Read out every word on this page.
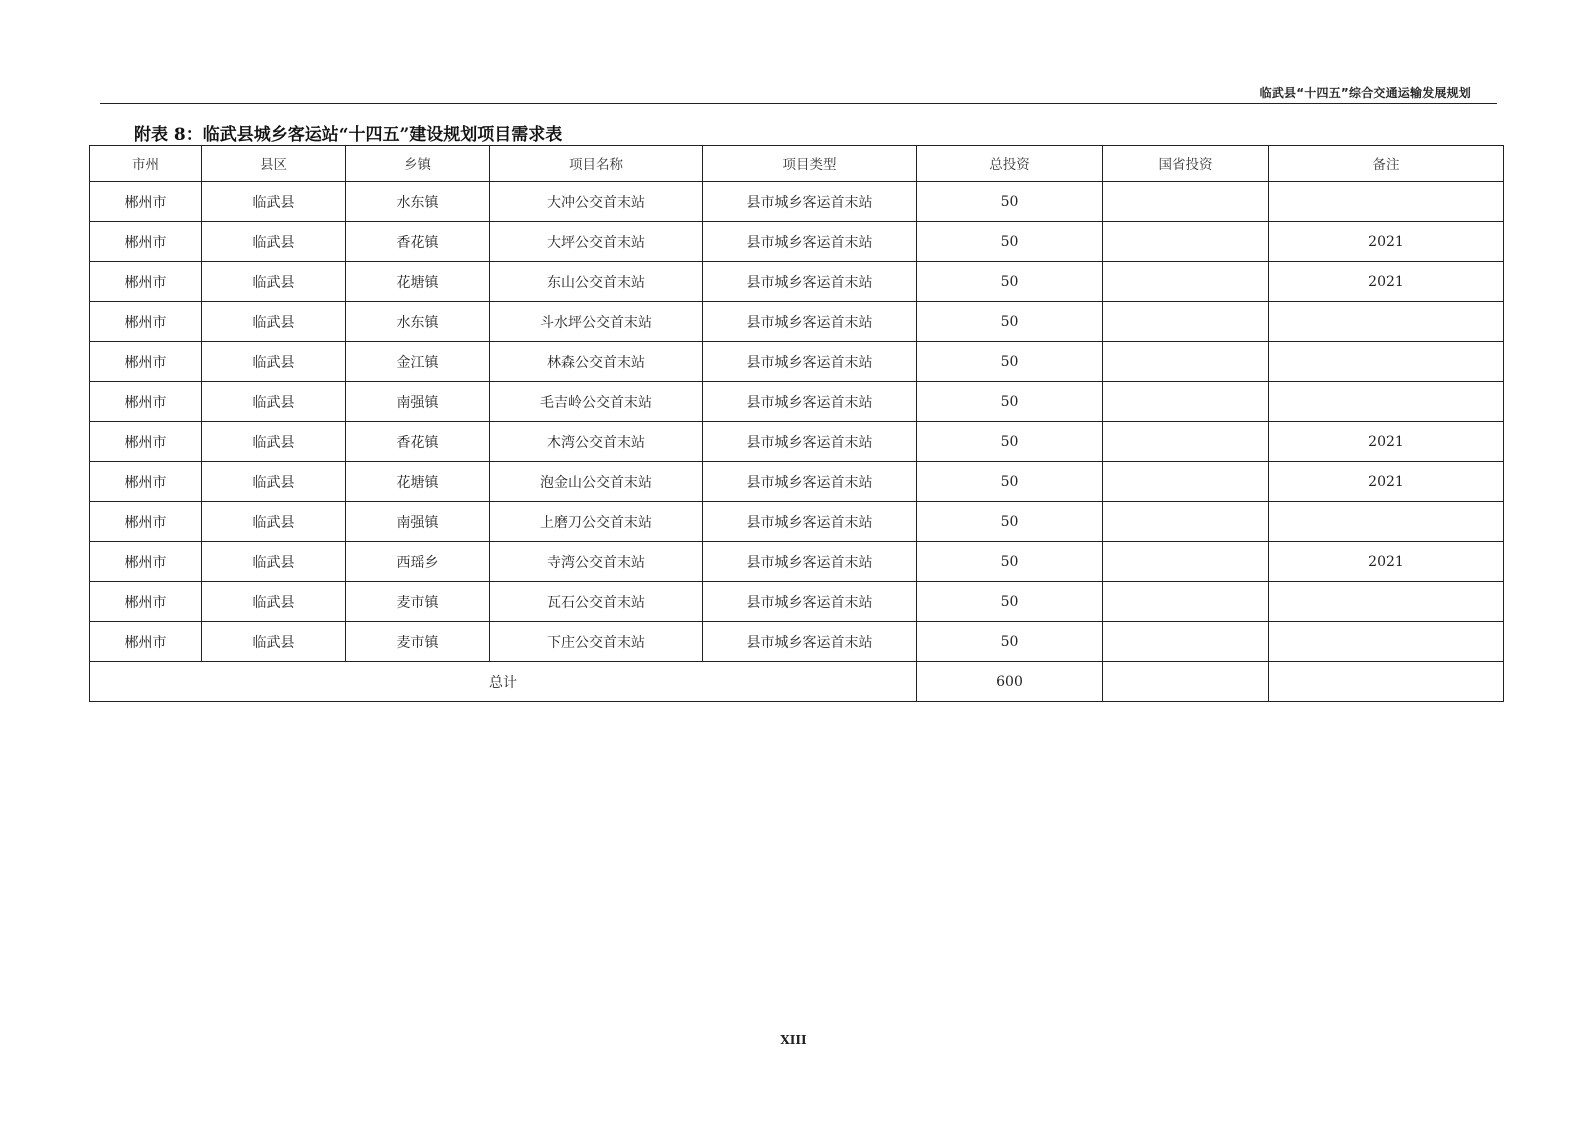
临武县“十四五”综合交通运输发展规划
附表 8：临武县城乡客运站“十四五”建设规划项目需求表
市州	县区	乡镇	项目名称	项目类型	总投资	国省投资	备注
郴州市	临武县	水东镇	大冲公交首末站	县市城乡客运首末站	50		
郴州市	临武县	香花镇	大坪公交首末站	县市城乡客运首末站	50		2021
郴州市	临武县	花塘镇	东山公交首末站	县市城乡客运首末站	50		2021
郴州市	临武县	水东镇	斗水坪公交首末站	县市城乡客运首末站	50		
郴州市	临武县	金江镇	林森公交首末站	县市城乡客运首末站	50		
郴州市	临武县	南强镇	毛吉岭公交首末站	县市城乡客运首末站	50		
郴州市	临武县	香花镇	木湾公交首末站	县市城乡客运首末站	50		2021
郴州市	临武县	花塘镇	泡金山公交首末站	县市城乡客运首末站	50		2021
郴州市	临武县	南强镇	上磨刀公交首末站	县市城乡客运首末站	50		
郴州市	临武县	西瑶乡	寺湾公交首末站	县市城乡客运首末站	50		2021
郴州市	临武县	麦市镇	瓦石公交首末站	县市城乡客运首末站	50		
郴州市	临武县	麦市镇	下庄公交首末站	县市城乡客运首末站	50		
总计					600		
XIII
